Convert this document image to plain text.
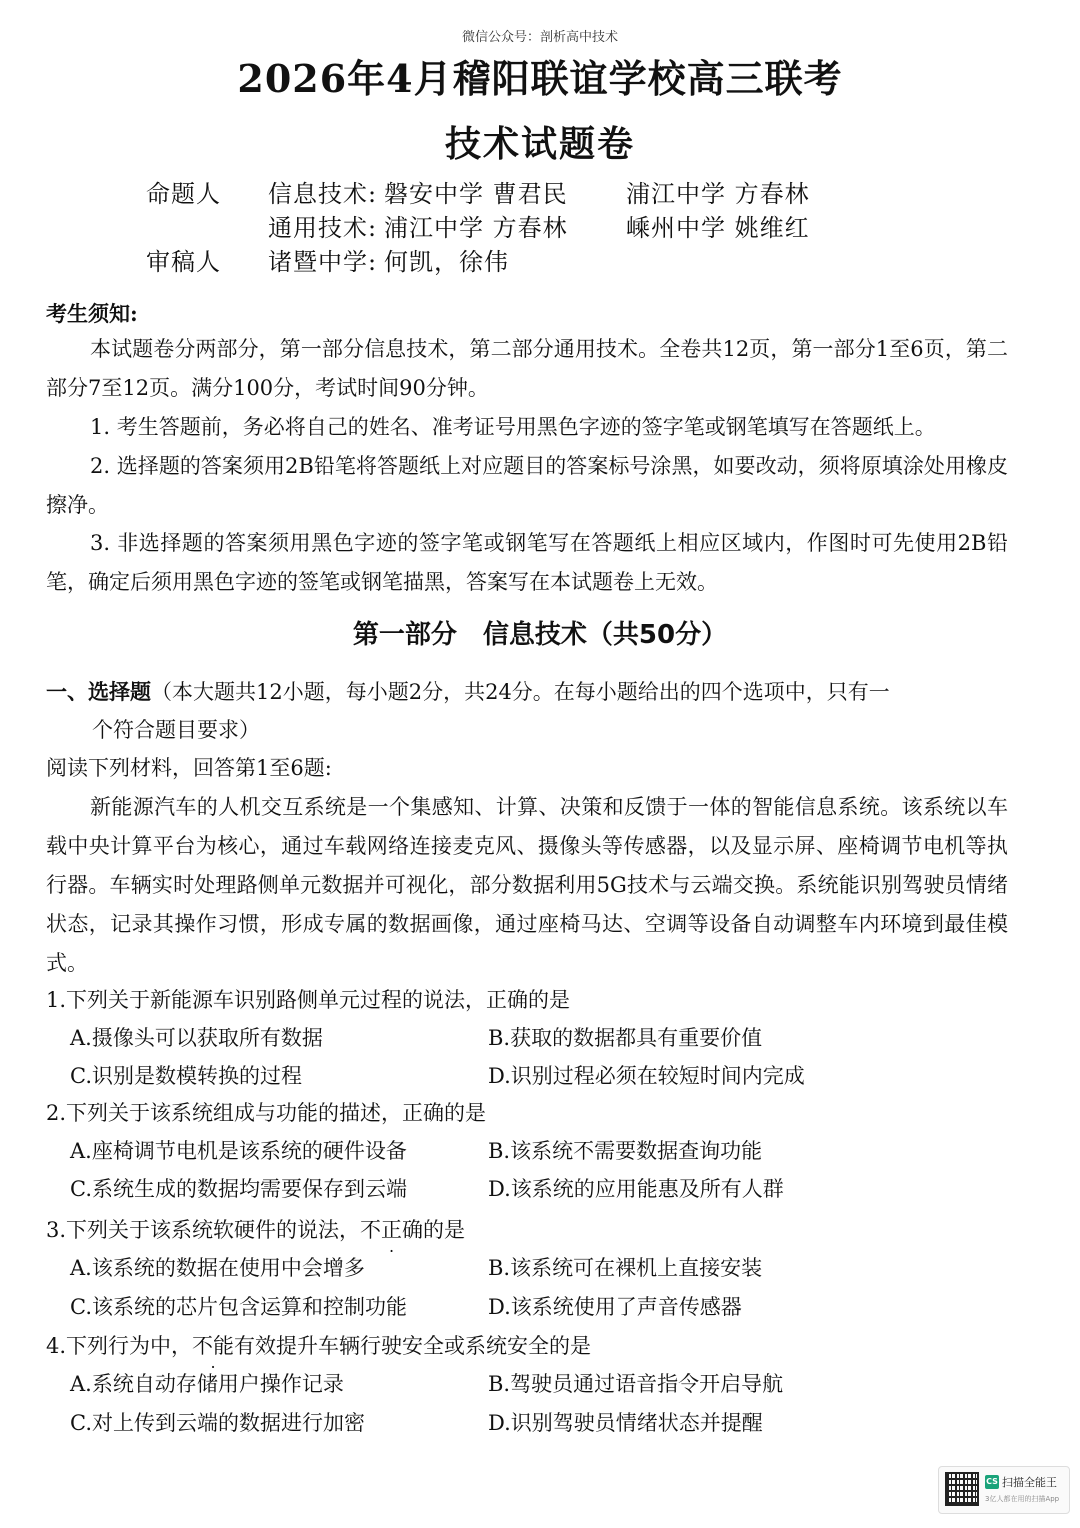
微信公众号：剖析高中技术
2026年4月稽阳联谊学校高三联考
技术试题卷
命题人 信息技术: 磐安中学 曹君民 浦江中学 方春林
通用技术: 浦江中学 方春林 嵊州中学 姚维红
审稿人 诸暨中学: 何凯，徐伟
考生须知:
本试题卷分两部分，第一部分信息技术，第二部分通用技术。全卷共12页，第一部分1至6页，第二部分7至12页。满分100分，考试时间90分钟。
1. 考生答题前，务必将自己的姓名、准考证号用黑色字迹的签字笔或钢笔填写在答题纸上。
2. 选择题的答案须用2B铅笔将答题纸上对应题目的答案标号涂黑，如要改动，须将原填涂处用橡皮擦净。
3. 非选择题的答案须用黑色字迹的签字笔或钢笔写在答题纸上相应区域内，作图时可先使用2B铅笔，确定后须用黑色字迹的签笔或钢笔描黑，答案写在本试题卷上无效。
第一部分　信息技术（共50分）
一、选择题（本大题共12小题，每小题2分，共24分。在每小题给出的四个选项中，只有一
个符合题目要求）
阅读下列材料，回答第1至6题:
新能源汽车的人机交互系统是一个集感知、计算、决策和反馈于一体的智能信息系统。该系统以车载中央计算平台为核心，通过车载网络连接麦克风、摄像头等传感器，以及显示屏、座椅调节电机等执行器。车辆实时处理路侧单元数据并可视化，部分数据利用5G技术与云端交换。系统能识别驾驶员情绪状态，记录其操作习惯，形成专属的数据画像，通过座椅马达、空调等设备自动调整车内环境到最佳模式。
1.下列关于新能源车识别路侧单元过程的说法，正确的是
A.摄像头可以获取所有数据	B.获取的数据都具有重要价值
C.识别是数模转换的过程	D.识别过程必须在较短时间内完成
2.下列关于该系统组成与功能的描述，正确的是
A.座椅调节电机是该系统的硬件设备	B.该系统不需要数据查询功能
C.系统生成的数据均需要保存到云端	D.该系统的应用能惠及所有人群
3.下列关于该系统软硬件的说法，不正确的是
A.该系统的数据在使用中会增多	B.该系统可在裸机上直接安装
C.该系统的芯片包含运算和控制功能	D.该系统使用了声音传感器
4.下列行为中，不能有效提升车辆行驶安全或系统安全的是
A.系统自动存储用户操作记录	B.驾驶员通过语音指令开启导航
C.对上传到云端的数据进行加密	D.识别驾驶员情绪状态并提醒
CS 扫描全能王
3亿人都在用的扫描App
